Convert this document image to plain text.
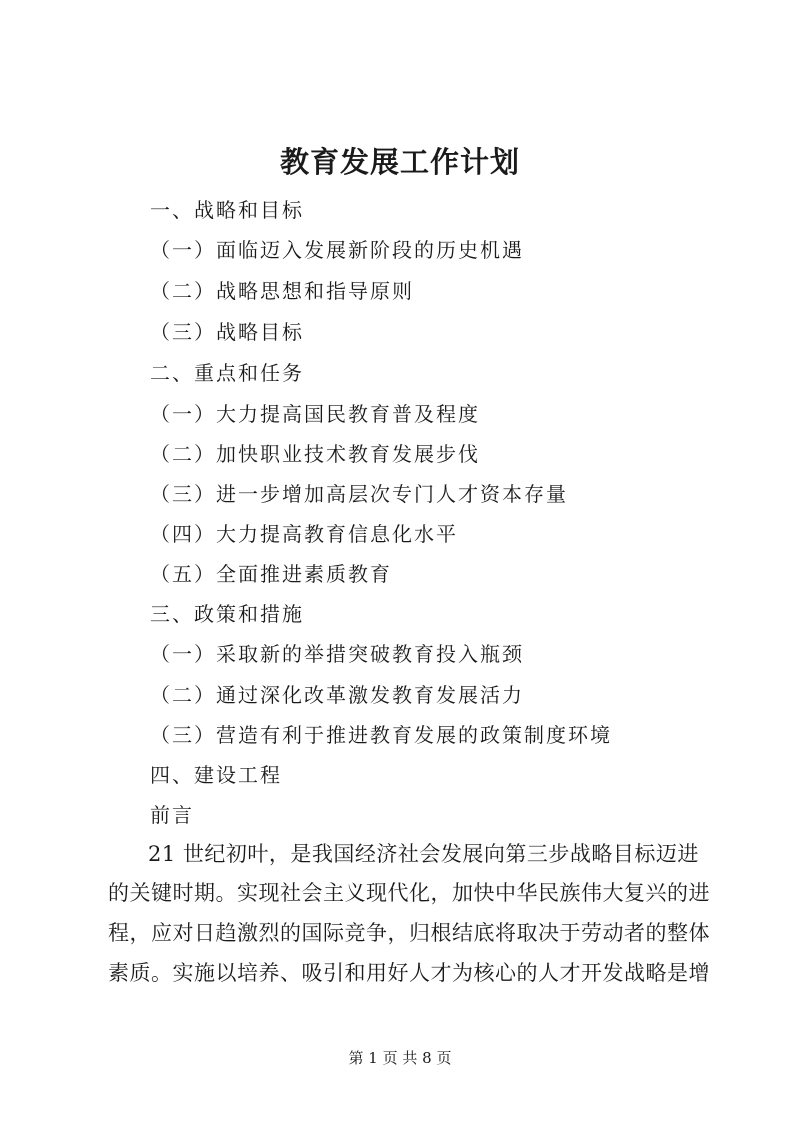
教育发展工作计划
一、战略和目标
（一）面临迈入发展新阶段的历史机遇
（二）战略思想和指导原则
（三）战略目标
二、重点和任务
（一）大力提高国民教育普及程度
（二）加快职业技术教育发展步伐
（三）进一步增加高层次专门人才资本存量
（四）大力提高教育信息化水平
（五）全面推进素质教育
三、政策和措施
（一）采取新的举措突破教育投入瓶颈
（二）通过深化改革激发教育发展活力
（三）营造有利于推进教育发展的政策制度环境
四、建设工程
前言
21 世纪初叶，是我国经济社会发展向第三步战略目标迈进
的关键时期。实现社会主义现代化，加快中华民族伟大复兴的进
程，应对日趋激烈的国际竞争，归根结底将取决于劳动者的整体
素质。实施以培养、吸引和用好人才为核心的人才开发战略是增
第 1 页 共 8 页
